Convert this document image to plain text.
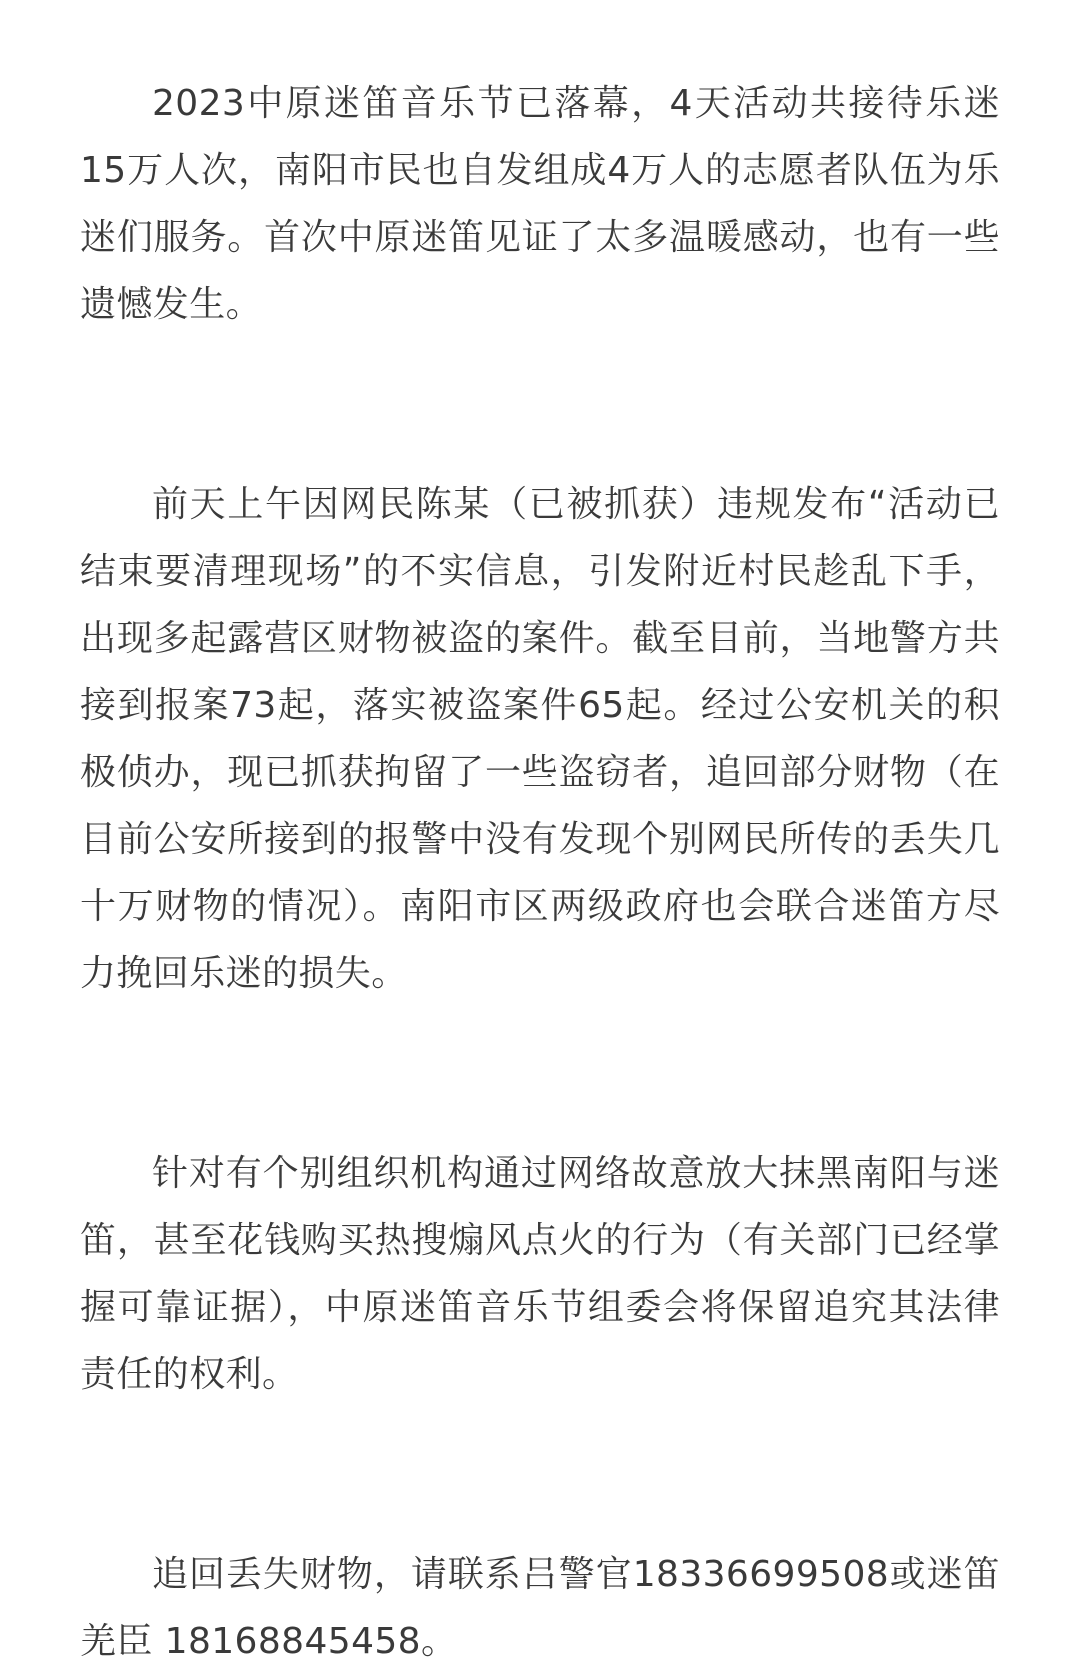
2023中原迷笛音乐节已落幕，4天活动共接待乐迷15万人次，南阳市民也自发组成4万人的志愿者队伍为乐迷们服务。首次中原迷笛见证了太多温暖感动，也有一些遗憾发生。

前天上午因网民陈某（已被抓获）违规发布“活动已结束要清理现场”的不实信息，引发附近村民趁乱下手，出现多起露营区财物被盗的案件。截至目前，当地警方共接到报案73起，落实被盗案件65起。经过公安机关的积极侦办，现已抓获拘留了一些盗窃者，追回部分财物（在目前公安所接到的报警中没有发现个别网民所传的丢失几十万财物的情况）。南阳市区两级政府也会联合迷笛方尽力挽回乐迷的损失。

针对有个别组织机构通过网络故意放大抹黑南阳与迷笛，甚至花钱购买热搜煽风点火的行为（有关部门已经掌握可靠证据），中原迷笛音乐节组委会将保留追究其法律责任的权利。

追回丢失财物，请联系吕警官18336699508或迷笛羌臣 18168845458。
